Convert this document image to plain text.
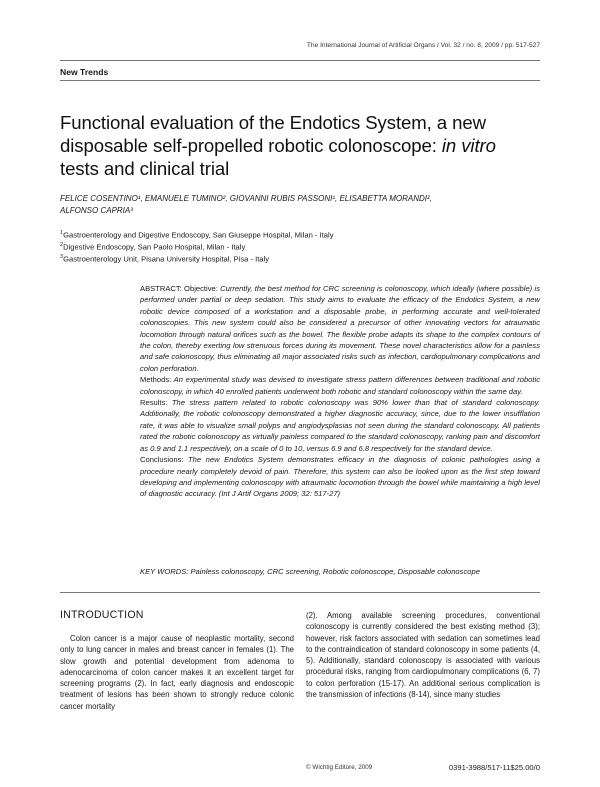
The International Journal of Artificial Organs / Vol. 32 / no. 8, 2009 / pp. 517-527
New Trends
Functional evaluation of the Endotics System, a new
disposable self-propelled robotic colonoscope: in vitro
tests and clinical trial
FELICE COSENTINO¹, EMANUELE TUMINO², GIOVANNI RUBIS PASSONI¹, ELISABETTA MORANDI²,
ALFONSO CAPRIA³
$^1$Gastroenterology and Digestive Endoscopy, San Giuseppe Hospital, Milan - Italy
$^2$Digestive Endoscopy, San Paolo Hospital, Milan - Italy
$^3$Gastroenterology Unit, Pisana University Hospital, Pisa - Italy

ABSTRACT: Objective: Currently, the best method for CRC screening is colonoscopy, which ideally (where possible) is performed under partial or deep sedation. This study aims to evaluate the efficacy of the Endotics System, a new robotic device composed of a workstation and a disposable probe, in performing accurate and well-tolerated colonoscopies. This new system could also be considered a precursor of other innovating vectors for atraumatic locomotion through natural orifices such as the bowel. The flexible probe adapts its shape to the complex contours of the colon, thereby exerting low strenuous forces during its movement. These novel characteristics allow for a painless and safe colonoscopy, thus eliminating all major associated risks such as infection, cardiopulmonary complications and colon perforation.

Methods: An experimental study was devised to investigate stress pattern differences between traditional and robotic colonoscopy, in which 40 enrolled patients underwent both robotic and standard colonoscopy within the same day.

Results: The stress pattern related to robotic colonoscopy was 90% lower than that of standard colonoscopy. Additionally, the robotic colonoscopy demonstrated a higher diagnostic accuracy, since, due to the lower insufflation rate, it was able to visualize small polyps and angiodysplasias not seen during the standard colonoscopy. All patients rated the robotic colonoscopy as virtually painless compared to the standard colonoscopy, ranking pain and discomfort as 0.9 and 1.1 respectively, on a scale of 0 to 10, versus 6.9 and 6.8 respectively for the standard device.

Conclusions: The new Endotics System demonstrates efficacy in the diagnosis of colonic pathologies using a procedure nearly completely devoid of pain. Therefore, this system can also be looked upon as the first step toward developing and implementing colonoscopy with atraumatic locomotion through the bowel while maintaining a high level of diagnostic accuracy. (Int J Artif Organs 2009; 32: 517-27)

KEY WORDS: Painless colonoscopy, CRC screening, Robotic colonoscope, Disposable colonoscope
INTRODUCTION

Colon cancer is a major cause of neoplastic mortality, second only to lung cancer in males and breast cancer in females (1). The slow growth and potential development from adenoma to adenocarcinoma of colon cancer makes it an excellent target for screening programs (2). In fact, early diagnosis and endoscopic treatment of lesions has been shown to strongly reduce colonic cancer mortality

(2). Among available screening procedures, conventional colonoscopy is currently considered the best existing method (3); however, risk factors associated with sedation can sometimes lead to the contraindication of standard colonoscopy in some patients (4, 5). Additionally, standard colonoscopy is associated with various procedural risks, ranging from cardiopulmonary complications (6, 7) to colon perforation (15-17). An additional serious complication is the transmission of infections (8-14), since many studies

© Wichtig Editore, 2009	0391-3988/517-11$25.00/0
